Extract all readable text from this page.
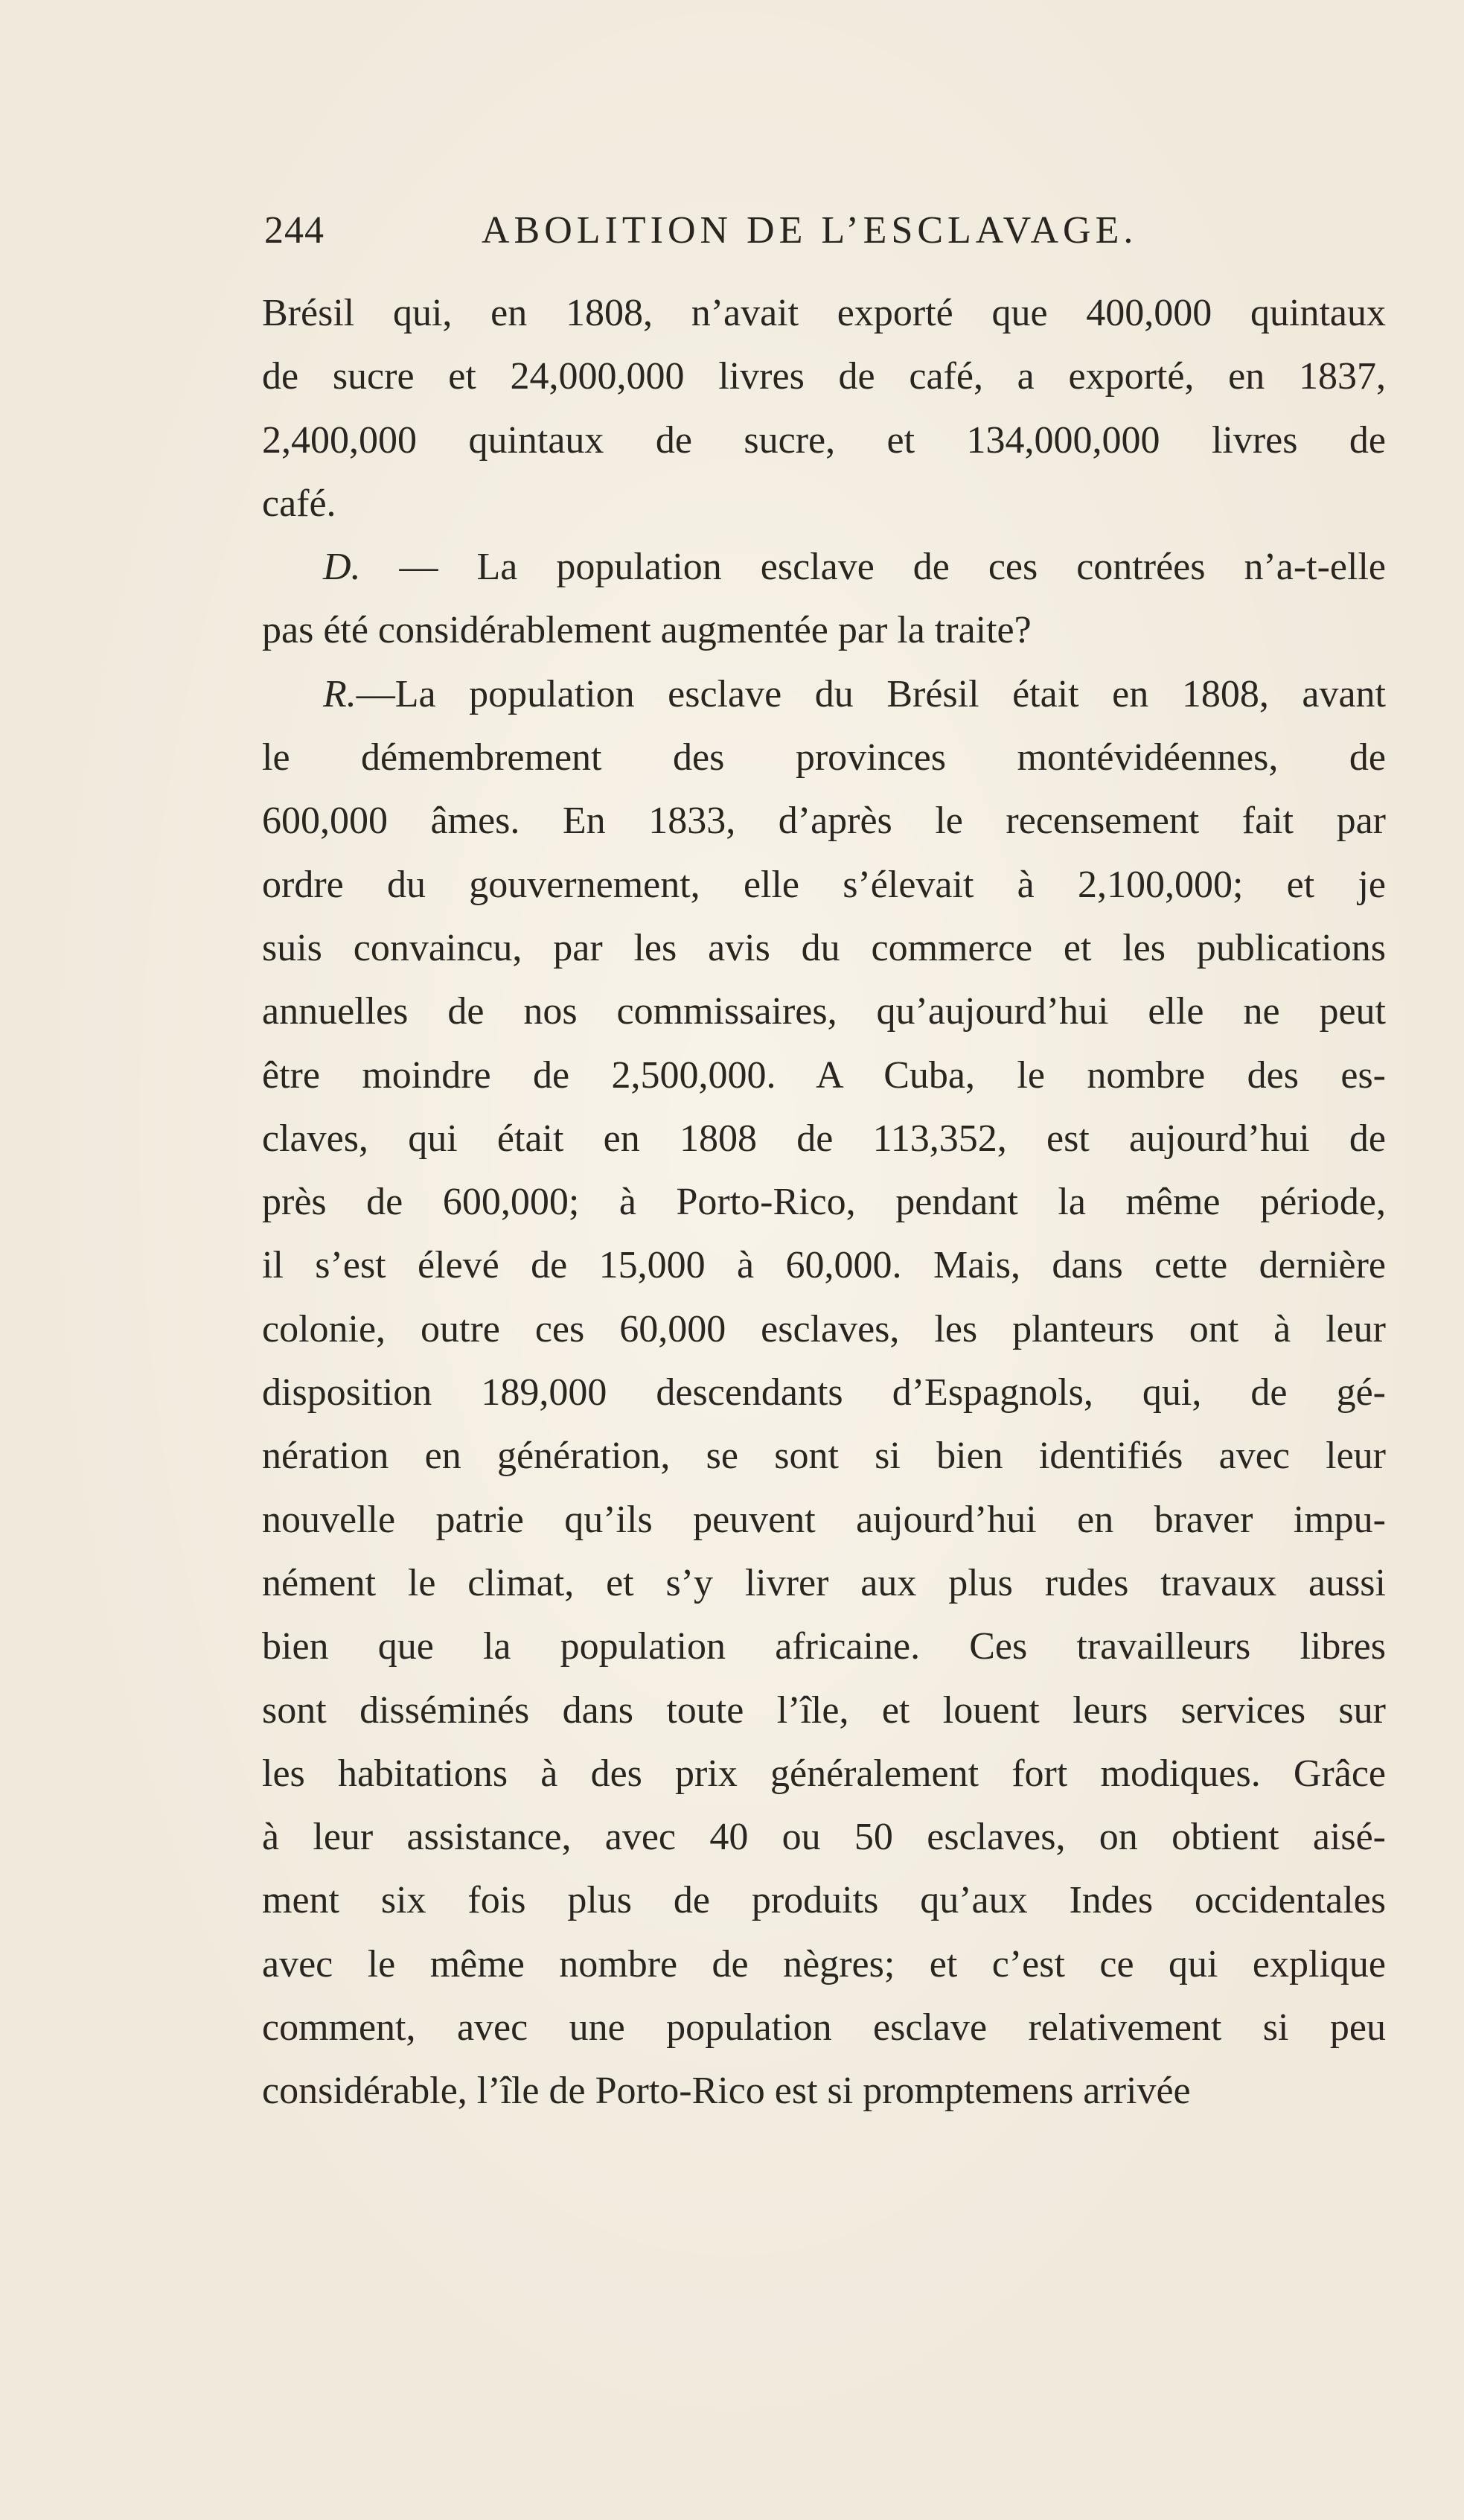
244	ABOLITION DE L’ESCLAVAGE.
Brésil qui, en 1808, n’avait exporté que 400,000 quintaux
de sucre et 24,000,000 livres de café, a exporté, en 1837,
2,400,000 quintaux de sucre, et 134,000,000 livres de
café.
D. — La population esclave de ces contrées n’a-t-elle
pas été considérablement augmentée par la traite?
R.—La population esclave du Brésil était en 1808, avant
le démembrement des provinces montévidéennes, de
600,000 âmes. En 1833, d’après le recensement fait par
ordre du gouvernement, elle s’élevait à 2,100,000; et je
suis convaincu, par les avis du commerce et les publications
annuelles de nos commissaires, qu’aujourd’hui elle ne peut
être moindre de 2,500,000. A Cuba, le nombre des es-
claves, qui était en 1808 de 113,352, est aujourd’hui de
près de 600,000; à Porto-Rico, pendant la même période,
il s’est élevé de 15,000 à 60,000. Mais, dans cette dernière
colonie, outre ces 60,000 esclaves, les planteurs ont à leur
disposition 189,000 descendants d’Espagnols, qui, de gé-
nération en génération, se sont si bien identifiés avec leur
nouvelle patrie qu’ils peuvent aujourd’hui en braver impu-
nément le climat, et s’y livrer aux plus rudes travaux aussi
bien que la population africaine. Ces travailleurs libres
sont disséminés dans toute l’île, et louent leurs services sur
les habitations à des prix généralement fort modiques. Grâce
à leur assistance, avec 40 ou 50 esclaves, on obtient aisé-
ment six fois plus de produits qu’aux Indes occidentales
avec le même nombre de nègres; et c’est ce qui explique
comment, avec une population esclave relativement si peu
considérable, l’île de Porto-Rico est si promptemens arrivée
